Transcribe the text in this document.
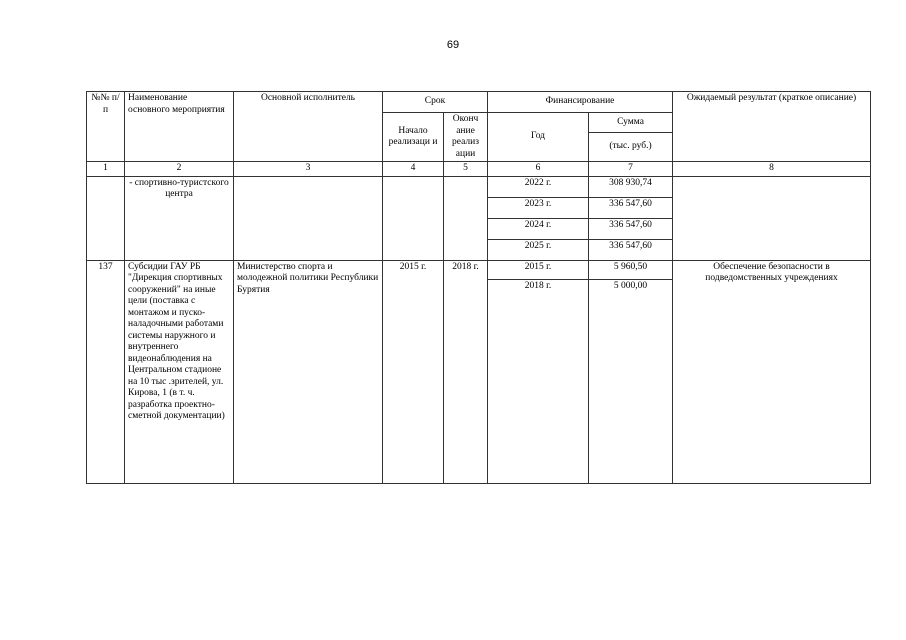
69
№№ п/п	Наименование основного мероприятия	Основной исполнитель	Срок		Финансирование		Ожидаемый результат (краткое описание)
			Начало реализаци и	Оконч ание реализ ации	Год	Сумма	
						(тыс. руб.)	
1	2	3	4	5	6	7	8
	- спортивно-туристского центра				2022 г.	308 930,74	
					2023 г.	336 547,60	
					2024 г.	336 547,60	
					2025 г.	336 547,60	
137	Субсидии ГАУ РБ "Дирекция спортивных сооружений" на иные цели (поставка с монтажом и пуско-наладочными работами системы наружного и внутреннего видеонаблюдения на Центральном стадионе на 10 тыс .зрителей, ул. Кирова, 1 (в т. ч. разработка проектно-сметной документации)	Министерство спорта и молодежной политики Республики Бурятия	2015 г.	2018 г.	2015 г.	5 960,50	Обеспечение безопасности в подведомственных учреждениях
					2018 г.	5 000,00	
